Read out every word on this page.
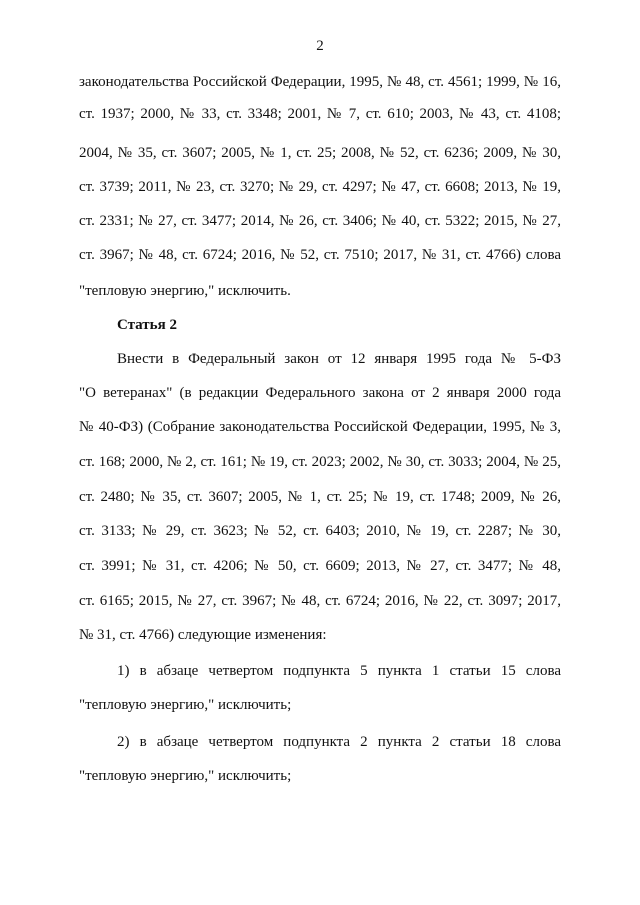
2
законодательства Российской Федерации, 1995, № 48, ст. 4561; 1999, № 16,
ст. 1937; 2000, № 33, ст. 3348; 2001, № 7, ст. 610; 2003, № 43, ст. 4108;
2004, № 35, ст. 3607; 2005, № 1, ст. 25; 2008, № 52, ст. 6236; 2009, № 30,
ст. 3739; 2011, № 23, ст. 3270; № 29, ст. 4297; № 47, ст. 6608; 2013, № 19,
ст. 2331; № 27, ст. 3477; 2014, № 26, ст. 3406; № 40, ст. 5322; 2015, № 27,
ст. 3967; № 48, ст. 6724; 2016, № 52, ст. 7510; 2017, № 31, ст. 4766) слова
"тепловую энергию," исключить.
Статья 2
Внести в Федеральный закон от 12 января 1995 года № 5-ФЗ
"О ветеранах" (в редакции Федерального закона от 2 января 2000 года
№ 40-ФЗ) (Собрание законодательства Российской Федерации, 1995, № 3,
ст. 168; 2000, № 2, ст. 161; № 19, ст. 2023; 2002, № 30, ст. 3033; 2004, № 25,
ст. 2480; № 35, ст. 3607; 2005, № 1, ст. 25; № 19, ст. 1748; 2009, № 26,
ст. 3133; № 29, ст. 3623; № 52, ст. 6403; 2010, № 19, ст. 2287; № 30,
ст. 3991; № 31, ст. 4206; № 50, ст. 6609; 2013, № 27, ст. 3477; № 48,
ст. 6165; 2015, № 27, ст. 3967; № 48, ст. 6724; 2016, № 22, ст. 3097; 2017,
№ 31, ст. 4766) следующие изменения:
1) в абзаце четвертом подпункта 5 пункта 1 статьи 15 слова
"тепловую энергию," исключить;
2) в абзаце четвертом подпункта 2 пункта 2 статьи 18 слова
"тепловую энергию," исключить;
